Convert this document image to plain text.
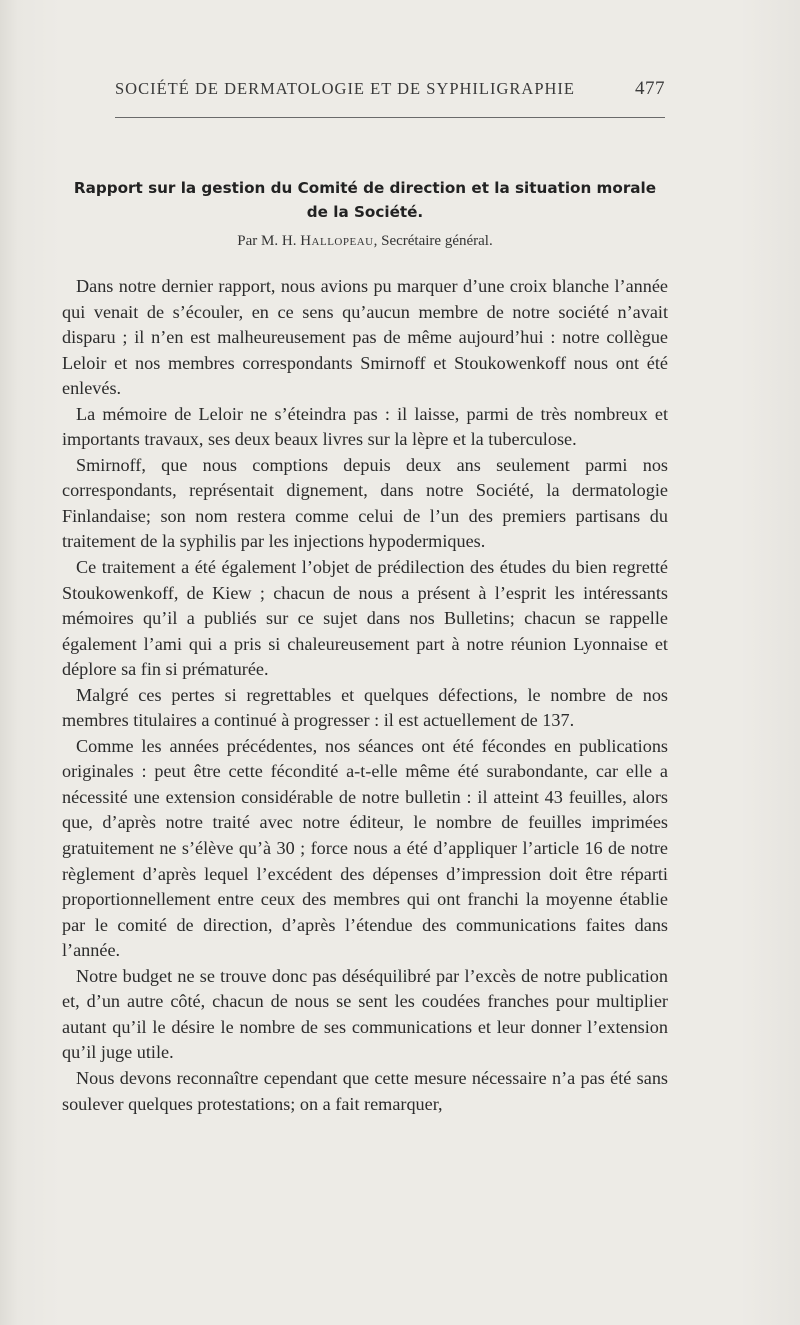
SOCIÉTÉ DE DERMATOLOGIE ET DE SYPHILIGRAPHIE	477
Rapport sur la gestion du Comité de direction et la situation morale de la Société.
Par M. H. Hallopeau, Secrétaire général.

Dans notre dernier rapport, nous avions pu marquer d’une croix blanche l’année qui venait de s’écouler, en ce sens qu’aucun membre de notre société n’avait disparu ; il n’en est malheureusement pas de même aujourd’hui : notre collègue Leloir et nos membres correspondants Smirnoff et Stoukowenkoff nous ont été enlevés.

La mémoire de Leloir ne s’éteindra pas : il laisse, parmi de très nombreux et importants travaux, ses deux beaux livres sur la lèpre et la tuberculose.

Smirnoff, que nous comptions depuis deux ans seulement parmi nos correspondants, représentait dignement, dans notre Société, la dermatologie Finlandaise; son nom restera comme celui de l’un des premiers partisans du traitement de la syphilis par les injections hypodermiques.

Ce traitement a été également l’objet de prédilection des études du bien regretté Stoukowenkoff, de Kiew ; chacun de nous a présent à l’esprit les intéressants mémoires qu’il a publiés sur ce sujet dans nos Bulletins; chacun se rappelle également l’ami qui a pris si chaleureusement part à notre réunion Lyonnaise et déplore sa fin si prématurée.

Malgré ces pertes si regrettables et quelques défections, le nombre de nos membres titulaires a continué à progresser : il est actuellement de 137.

Comme les années précédentes, nos séances ont été fécondes en publications originales : peut être cette fécondité a-t-elle même été surabondante, car elle a nécessité une extension considérable de notre bulletin : il atteint 43 feuilles, alors que, d’après notre traité avec notre éditeur, le nombre de feuilles imprimées gratuitement ne s’élève qu’à 30 ; force nous a été d’appliquer l’article 16 de notre règlement d’après lequel l’excédent des dépenses d’impression doit être réparti proportionnellement entre ceux des membres qui ont franchi la moyenne établie par le comité de direction, d’après l’étendue des communications faites dans l’année.

Notre budget ne se trouve donc pas déséquilibré par l’excès de notre publication et, d’un autre côté, chacun de nous se sent les coudées franches pour multiplier autant qu’il le désire le nombre de ses communications et leur donner l’extension qu’il juge utile.

Nous devons reconnaître cependant que cette mesure nécessaire n’a pas été sans soulever quelques protestations; on a fait remarquer,
